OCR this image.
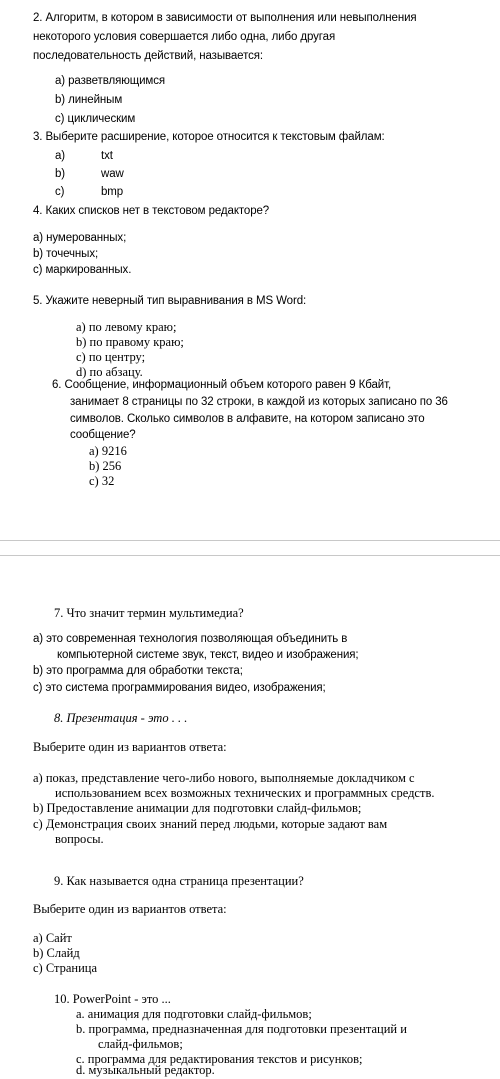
2. Алгоритм, в котором в зависимости от выполнения или невыполнения
некоторого условия совершается либо одна, либо другая
последовательность действий, называется:
a) разветвляющимся
b) линейным
c) циклическим
3. Выберите расширение, которое относится к текстовым файлам:
a)	txt
b)	waw
c)	bmp
4. Каких списков нет в текстовом редакторе?
a) нумерованных;
b) точечных;
c) маркированных.
5. Укажите неверный тип выравнивания в MS Word:
a) по левому краю;
b) по правому краю;
c) по центру;
d) по абзацу.
6. Сообщение, информационный объем которого равен 9 Кбайт,
занимает 8 страницы по 32 строки, в каждой из которых записано по 36
символов. Сколько символов в алфавите, на котором записано это
сообщение?
a) 9216
b) 256
c) 32
7. Что значит термин мультимедиа?
a) это современная технология позволяющая объединить в
компьютерной системе звук, текст, видео и изображения;
b) это программа для обработки текста;
c) это система программирования видео, изображения;
8. Презентация - это . . .
Выберите один из вариантов ответа:
a) показ, представление чего-либо нового, выполняемые докладчиком с
использованием всех возможных технических и программных средств.
b) Предоставление анимации для подготовки слайд-фильмов;
c) Демонстрация своих знаний перед людьми, которые задают вам
вопросы.
9. Как называется одна страница презентации?
Выберите один из вариантов ответа:
a) Сайт
b) Слайд
c) Страница
10. PowerPoint - это ...
a. анимация для подготовки слайд-фильмов;
b. программа, предназначенная для подготовки презентаций и
слайд-фильмов;
c. программа для редактирования текстов и рисунков;
d. музыкальный редактор.
